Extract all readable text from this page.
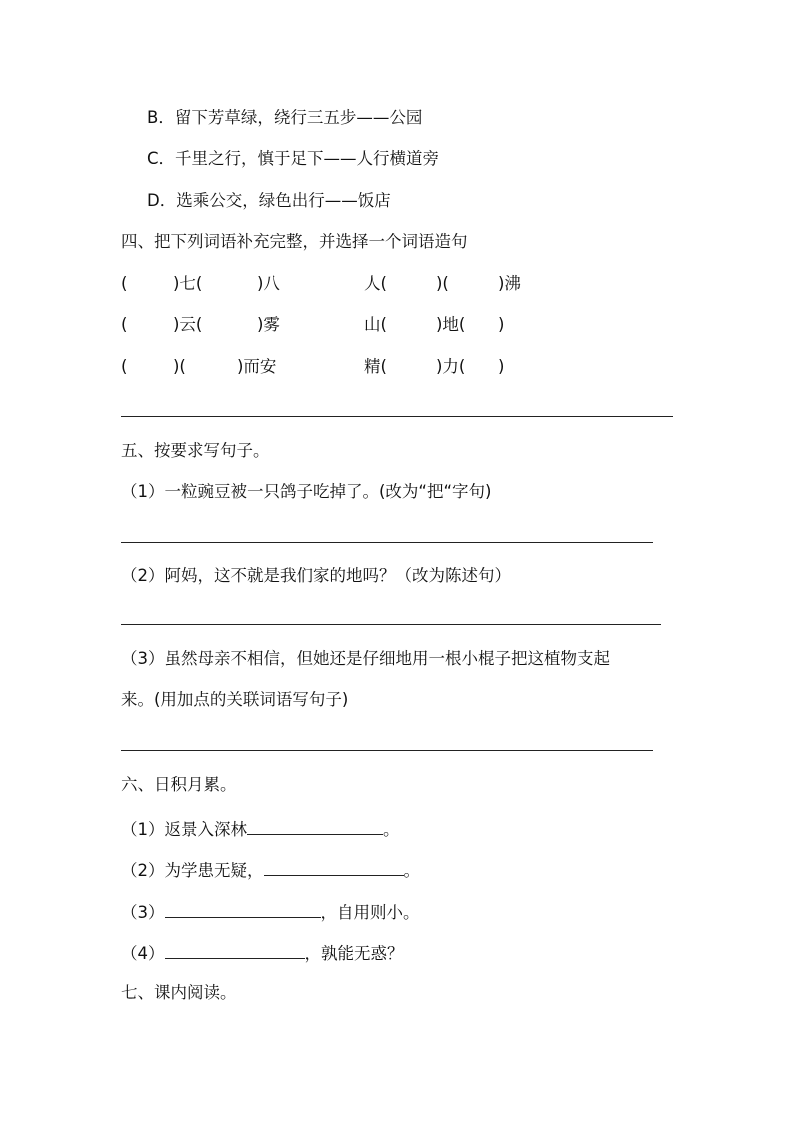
B．留下芳草绿，绕行三五步——公园
C．千里之行，慎于足下——人行横道旁
D．选乘公交，绿色出行——饭店
四、把下列词语补充完整，并选择一个词语造句
(	)七(	)八	人(	)(	)沸
(	)云(	)雾	山(	)地( )
(	)(	)而安	精(	)力( )
五、按要求写句子。
（1）一粒豌豆被一只鸽子吃掉了。(改为“把“字句)
（2）阿妈，这不就是我们家的地吗？（改为陈述句）
（3）虽然母亲不相信，但她还是仔细地用一根小棍子把这植物支起
来。(用加点的关联词语写句子)
六、日积月累。
（1）返景入深林	。
（2）为学患无疑，	。
（3）	，自用则小。
（4）	，孰能无惑？
七、课内阅读。
